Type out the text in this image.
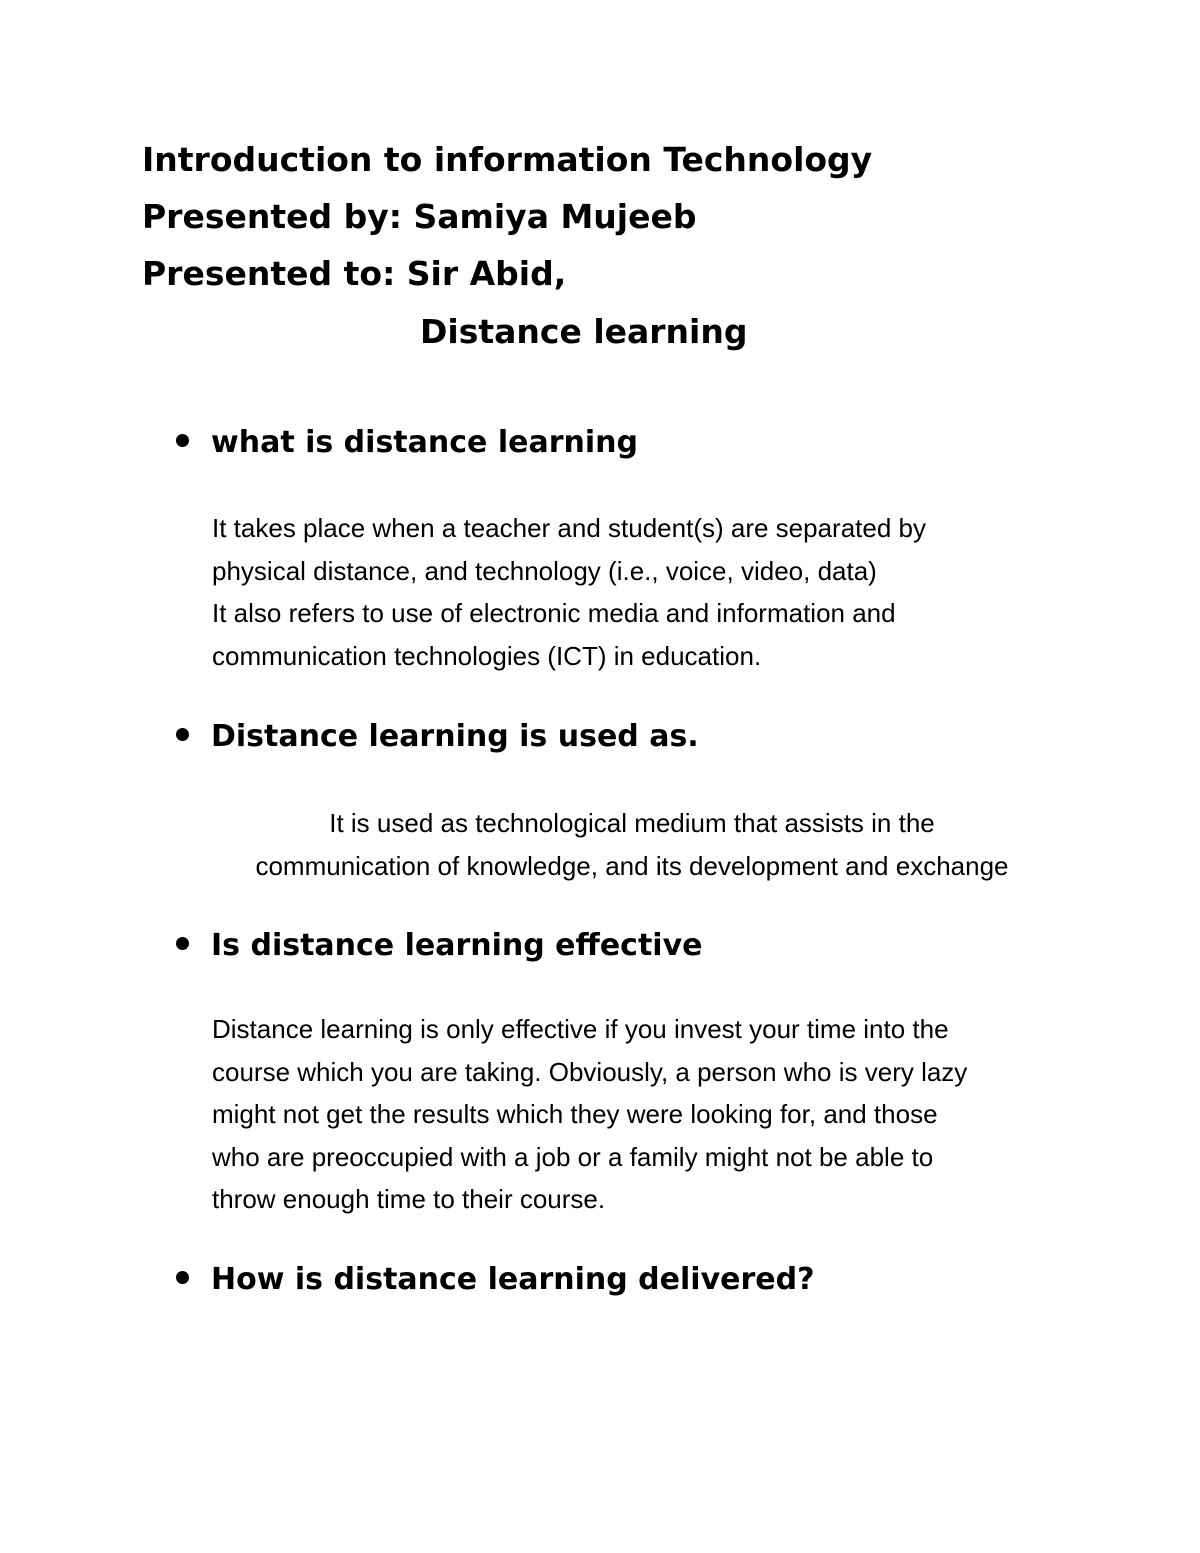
Introduction to information Technology
Presented by: Samiya Mujeeb
Presented to: Sir Abid,
Distance learning
what is distance learning
It takes place when a teacher and student(s) are separated by
physical distance, and technology (i.e., voice, video, data)
It also refers to use of electronic media and information and
communication technologies (ICT) in education.
Distance learning is used as.
It is used as technological medium that assists in the
communication of knowledge, and its development and exchange
Is distance learning effective
Distance learning is only effective if you invest your time into the
course which you are taking. Obviously, a person who is very lazy
might not get the results which they were looking for, and those
who are preoccupied with a job or a family might not be able to
throw enough time to their course.
How is distance learning delivered?
